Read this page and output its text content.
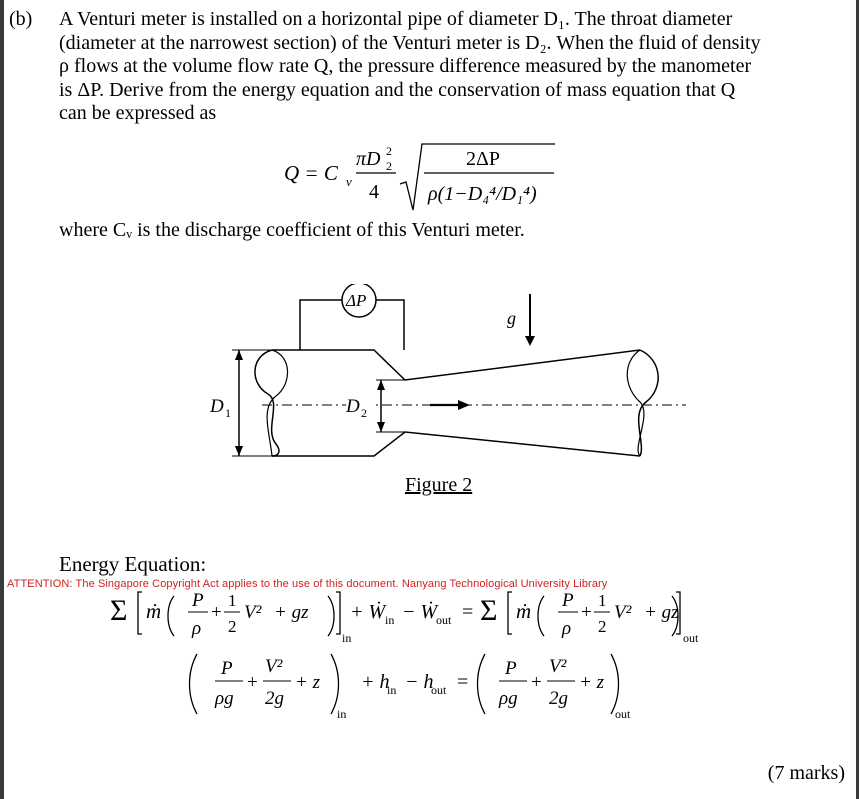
(b) A Venturi meter is installed on a horizontal pipe of diameter D₁. The throat diameter
(diameter at the narrowest section) of the Venturi meter is D₂. When the fluid of density
ρ flows at the volume flow rate Q, the pressure difference measured by the manometer
is ΔP. Derive from the energy equation and the conservation of mass equation that Q
can be expressed as
Q = C v
πD 2
2
4
2ΔP
ρ(1−D₄⁴/D₁⁴)
where Cᵥ is the discharge coefficient of this Venturi meter.
ΔP
g
D 1	D 2
Figure 2
Energy Equation:
Σ ṁ P
ρ
+
1
2
V² + gz
in
+ Ẇ in − Ẇ
out = Σ ṁ P
ρ
+
1
2
V² + gz
out
ATTENTION: The Singapore Copyright Act applies to the use of this document. Nanyang Technological University Library
P
ρg
+
V²
2g
+ z
in
+ h
in − h
out =
P
ρg
+
V²
2g
+ z
out
(7 marks)
